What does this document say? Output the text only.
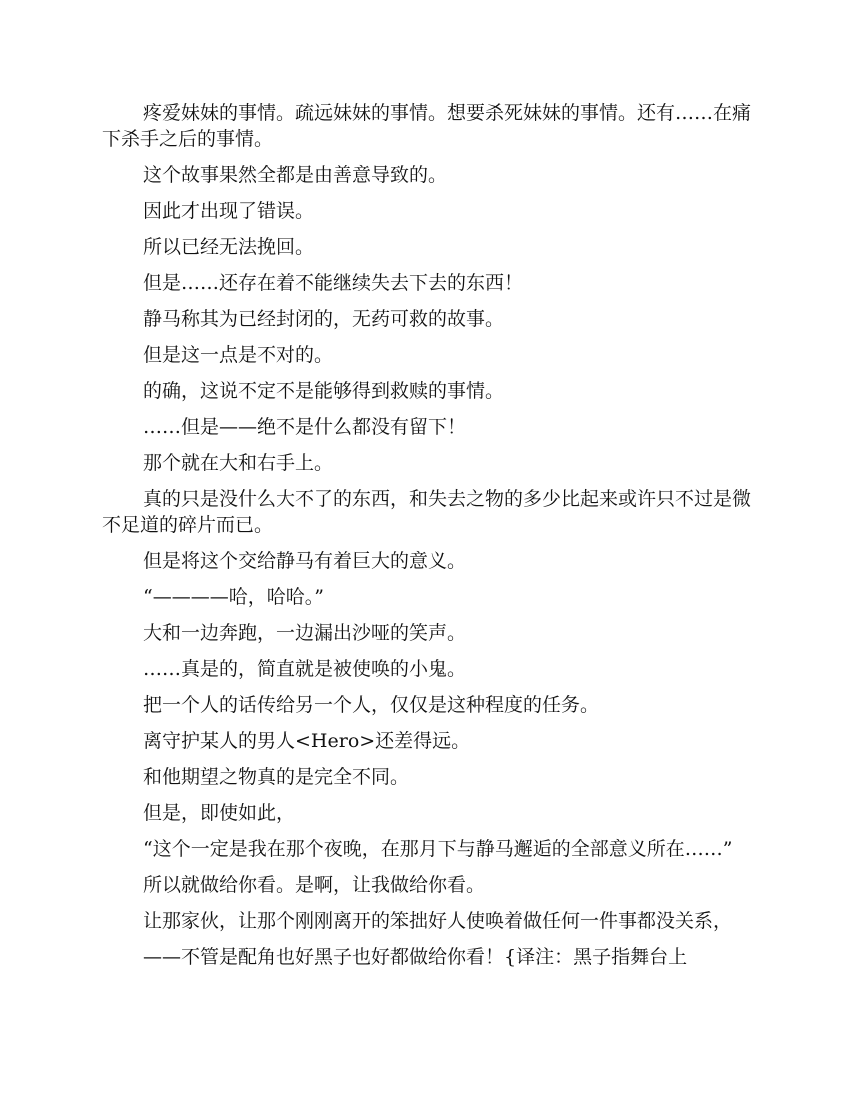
疼爱妹妹的事情。疏远妹妹的事情。想要杀死妹妹的事情。还有……在痛下杀手之后的事情。

这个故事果然全都是由善意导致的。

因此才出现了错误。

所以已经无法挽回。

但是……还存在着不能继续失去下去的东西！

静马称其为已经封闭的，无药可救的故事。

但是这一点是不对的。

的确，这说不定不是能够得到救赎的事情。

……但是——绝不是什么都没有留下！

那个就在大和右手上。

真的只是没什么大不了的东西，和失去之物的多少比起来或许只不过是微不足道的碎片而已。

但是将这个交给静马有着巨大的意义。

“————哈，哈哈。”

大和一边奔跑，一边漏出沙哑的笑声。

……真是的，简直就是被使唤的小鬼。

把一个人的话传给另一个人，仅仅是这种程度的任务。

离守护某人的男人<Hero>还差得远。

和他期望之物真的是完全不同。

但是，即使如此，

“这个一定是我在那个夜晚，在那月下与静马邂逅的全部意义所在……”

所以就做给你看。是啊，让我做给你看。

让那家伙，让那个刚刚离开的笨拙好人使唤着做任何一件事都没关系，

——不管是配角也好黑子也好都做给你看！{译注：黑子指舞台上
